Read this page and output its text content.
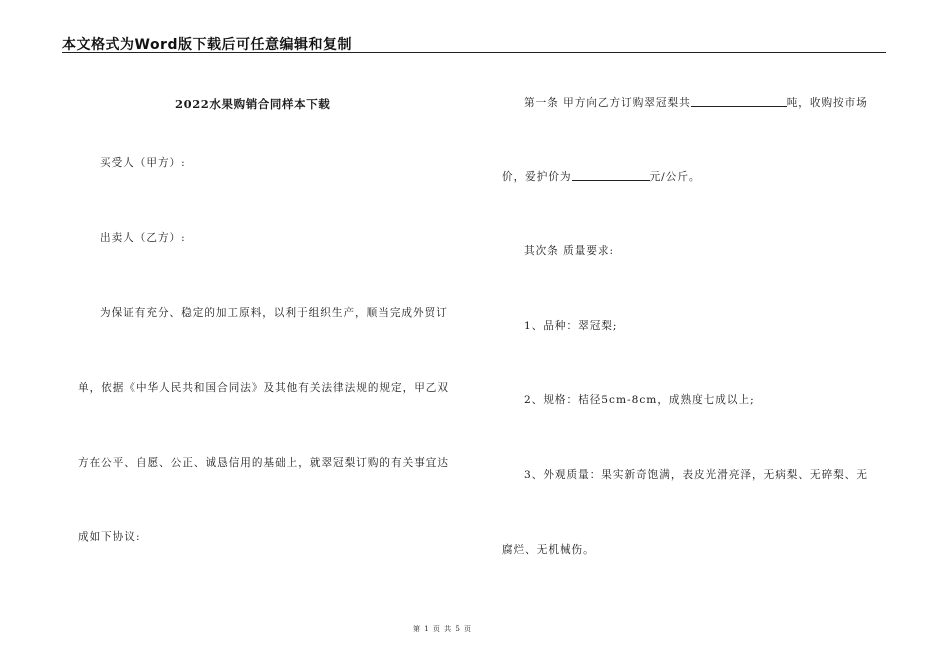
本文格式为Word版下载后可任意编辑和复制
2022水果购销合同样本下载
买受人（甲方）:
出卖人（乙方）:
为保证有充分、稳定的加工原料，以利于组织生产，顺当完成外贸订
单，依据《中华人民共和国合同法》及其他有关法律法规的规定，甲乙双
方在公平、自愿、公正、诚恳信用的基础上，就翠冠梨订购的有关事宜达
成如下协议:
第一条 甲方向乙方订购翠冠梨共	吨，收购按市场
价，爱护价为	元/公斤。
其次条 质量要求:
1、品种：翠冠梨;
2、规格：桔径5cm-8cm，成熟度七成以上;
3、外观质量：果实新奇饱满，表皮光滑亮泽，无病梨、无碎梨、无
腐烂、无机械伤。
第 1 页 共 5 页
